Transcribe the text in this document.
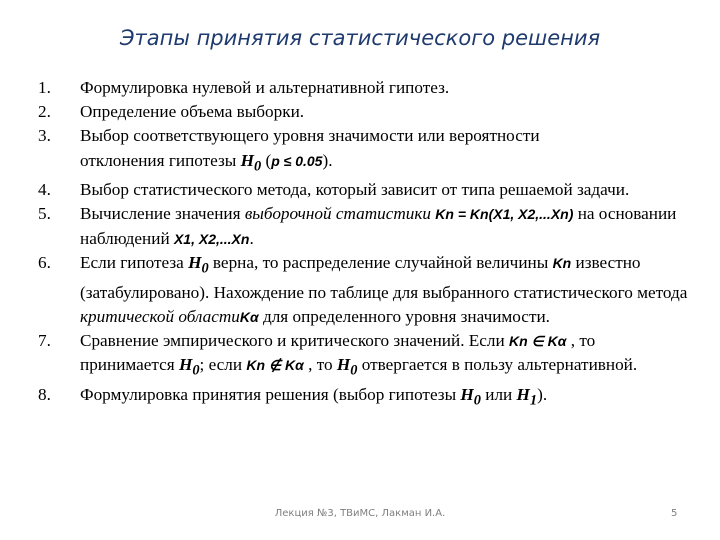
Этапы принятия статистического решения
1. Формулировка нулевой и альтернативной гипотез.
2. Определение объема выборки.
3. Выбор соответствующего уровня значимости или вероятности
отклонения гипотезы $H_0$ (p ≤ 0.05).
4. Выбор статистического метода, который зависит от типа решаемой задачи.
5. Вычисление значения выборочной статистики Kn = Kn(X1, X2,...Xn) на основании наблюдений X1, X2,...Xn.
6. Если гипотеза $H_0$ верна, то распределение случайной величины Kn известно (затабулировано). Нахождение по таблице для выбранного статистического метода критической областиKα для определенного уровня значимости.
7. Сравнение эмпирического и критического значений. Если Kn ∈ Kα , то принимается $H_0$; если Kn ∉ Kα , то $H_0$ отвергается в пользу альтернативной.
8. Формулировка принятия решения (выбор гипотезы $H_0$ или $H_1$).
Лекция №3, ТВиМС, Лакман И.А.	5
